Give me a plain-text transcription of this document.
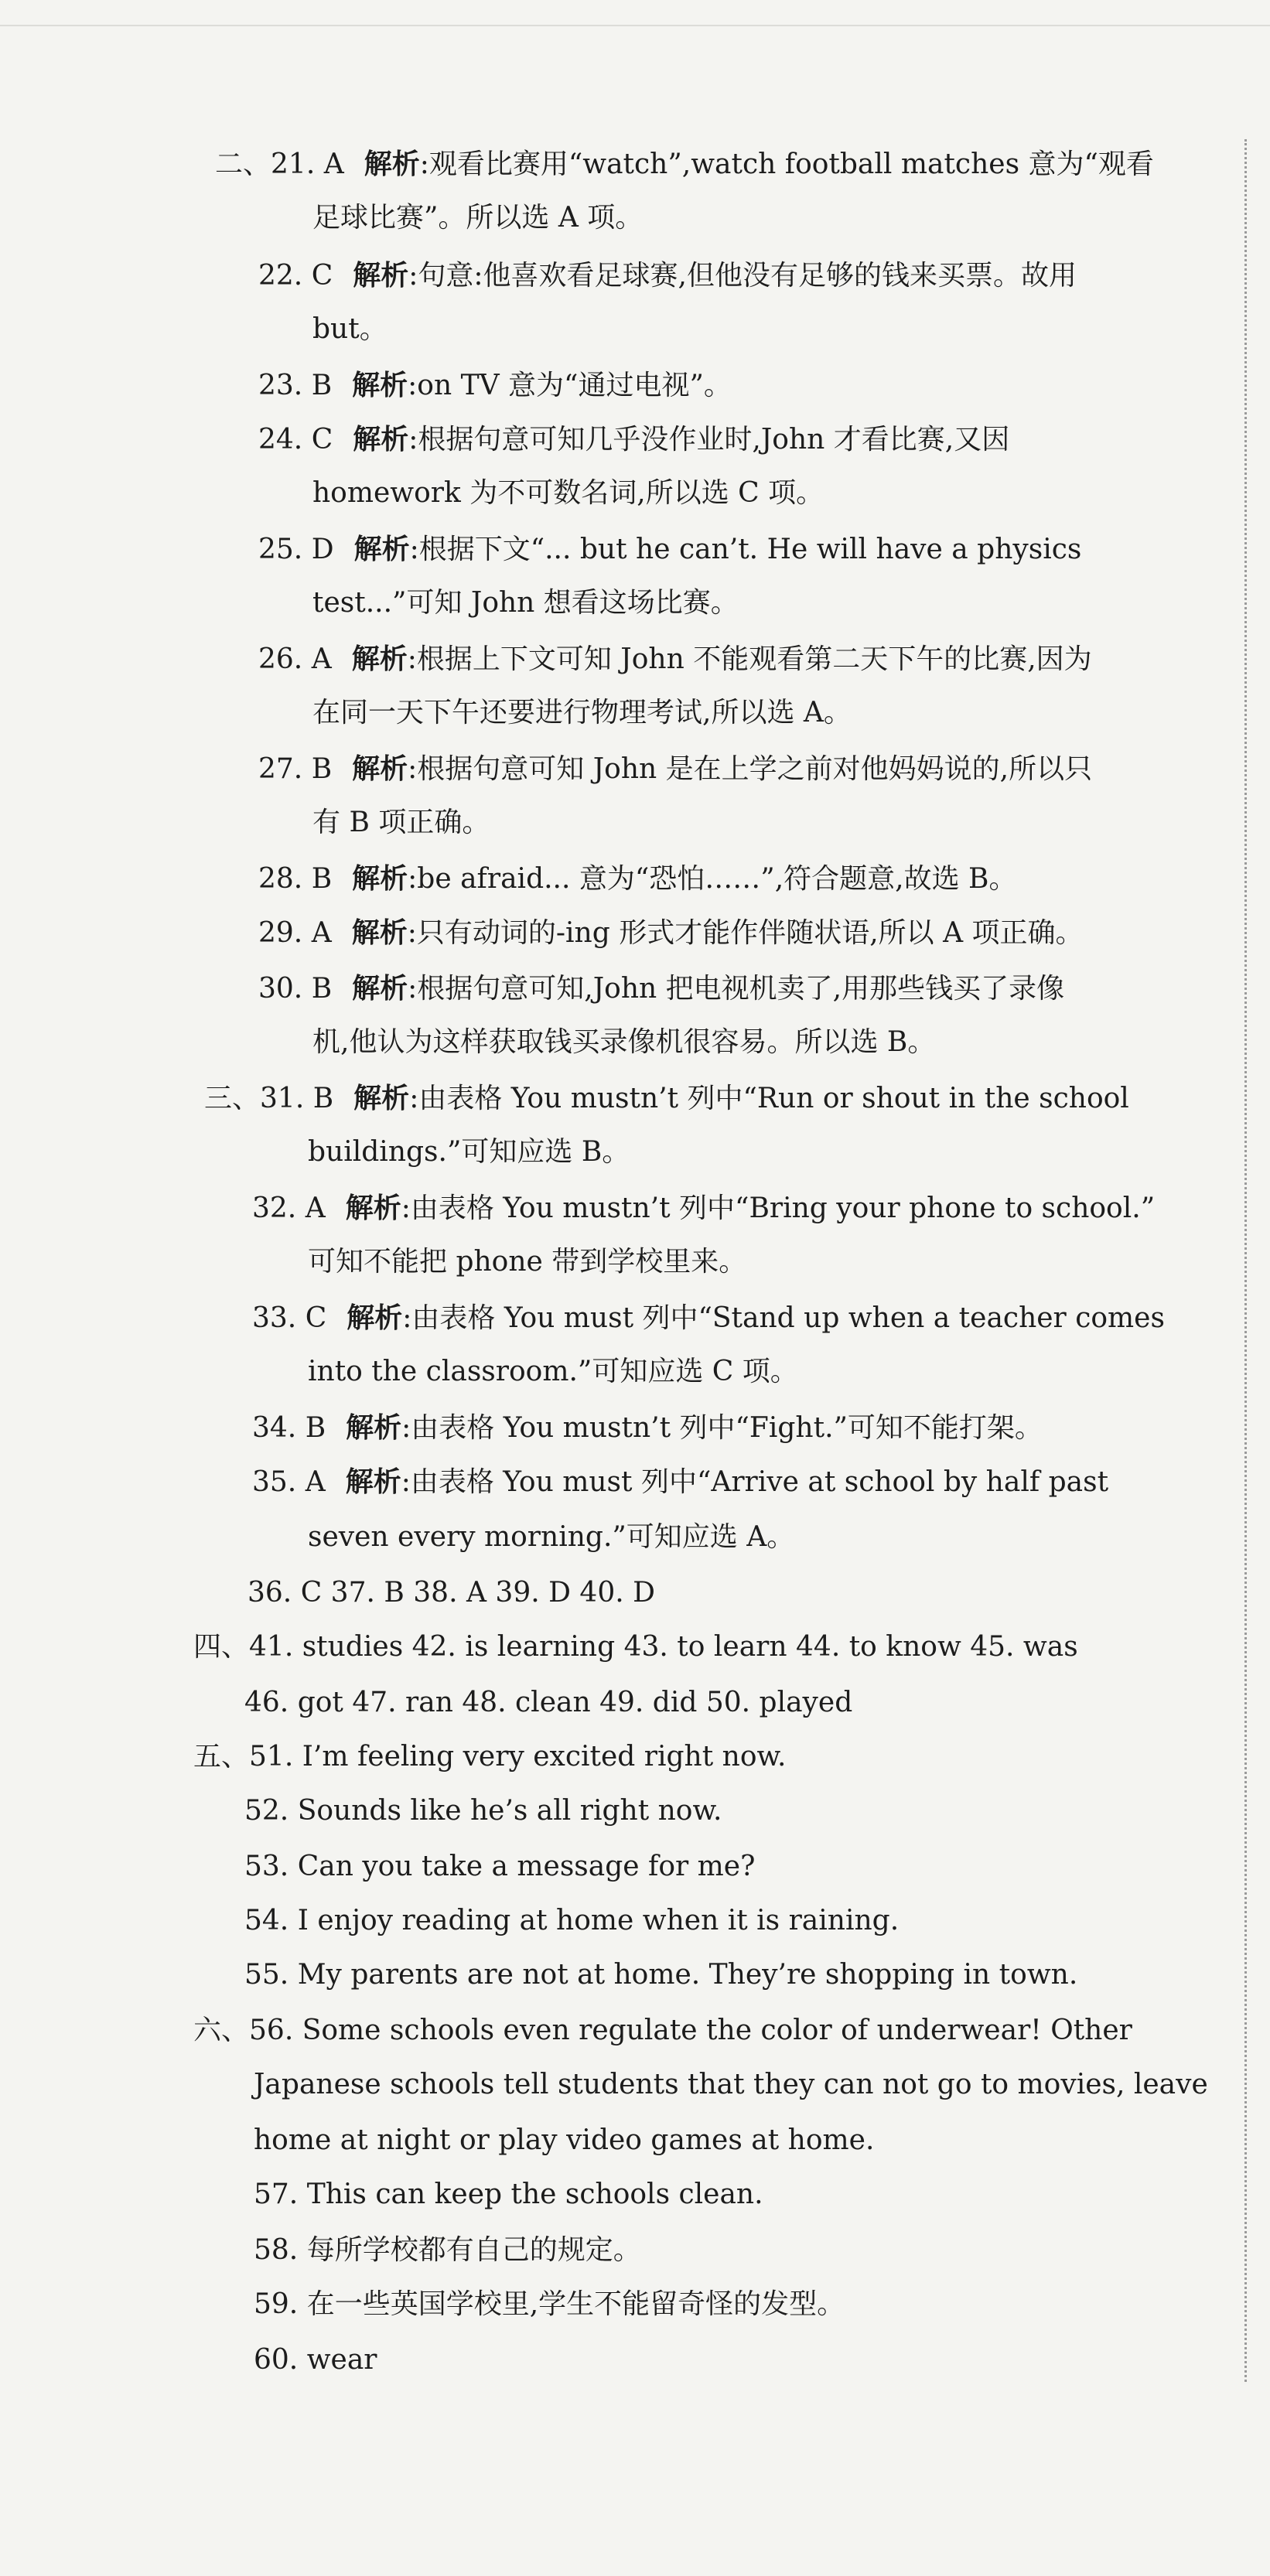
二、21. A 解析:观看比赛用“watch”,watch football matches 意为“观看
足球比赛”。所以选 A 项。
22. C 解析:句意:他喜欢看足球赛,但他没有足够的钱来买票。故用
but。
23. B 解析:on TV 意为“通过电视”。
24. C 解析:根据句意可知几乎没作业时,John 才看比赛,又因
homework 为不可数名词,所以选 C 项。
25. D 解析:根据下文“... but he can’t. He will have a physics
test...”可知 John 想看这场比赛。
26. A 解析:根据上下文可知 John 不能观看第二天下午的比赛,因为
在同一天下午还要进行物理考试,所以选 A。
27. B 解析:根据句意可知 John 是在上学之前对他妈妈说的,所以只
有 B 项正确。
28. B 解析:be afraid... 意为“恐怕……”,符合题意,故选 B。
29. A 解析:只有动词的-ing 形式才能作伴随状语,所以 A 项正确。
30. B 解析:根据句意可知,John 把电视机卖了,用那些钱买了录像
机,他认为这样获取钱买录像机很容易。所以选 B。
三、31. B 解析:由表格 You mustn’t 列中“Run or shout in the school
buildings.”可知应选 B。
32. A 解析:由表格 You mustn’t 列中“Bring your phone to school.”
可知不能把 phone 带到学校里来。
33. C 解析:由表格 You must 列中“Stand up when a teacher comes
into the classroom.”可知应选 C 项。
34. B 解析:由表格 You mustn’t 列中“Fight.”可知不能打架。
35. A 解析:由表格 You must 列中“Arrive at school by half past
seven every morning.”可知应选 A。
36. C 37. B 38. A 39. D 40. D
四、41. studies 42. is learning 43. to learn 44. to know 45. was
46. got 47. ran 48. clean 49. did 50. played
五、51. I’m feeling very excited right now.
52. Sounds like he’s all right now.
53. Can you take a message for me?
54. I enjoy reading at home when it is raining.
55. My parents are not at home. They’re shopping in town.
六、56. Some schools even regulate the color of underwear! Other
Japanese schools tell students that they can not go to movies, leave
home at night or play video games at home.
57. This can keep the schools clean.
58. 每所学校都有自己的规定。
59. 在一些英国学校里,学生不能留奇怪的发型。
60. wear
